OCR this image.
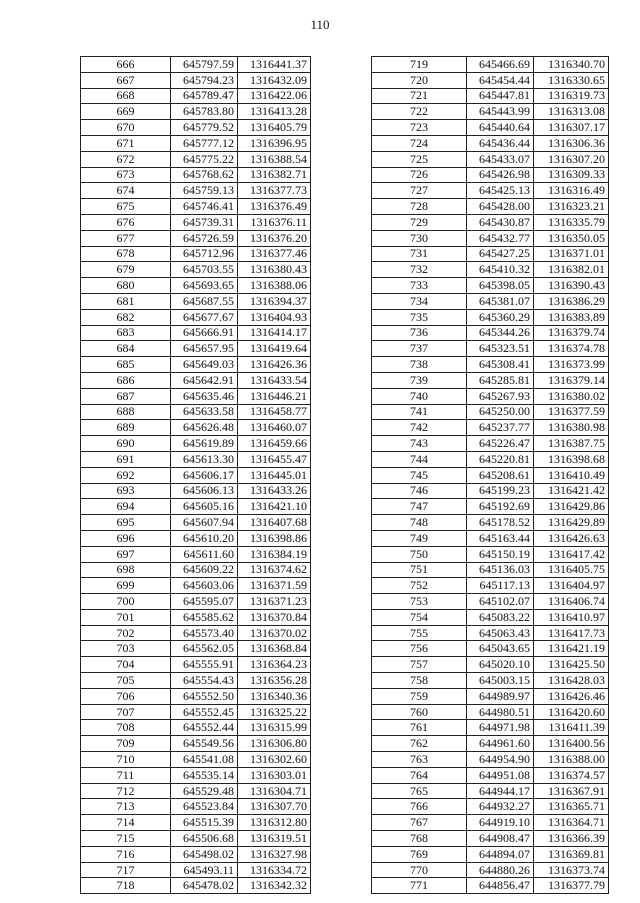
110
666	645797.59	1316441.37
667	645794.23	1316432.09
668	645789.47	1316422.06
669	645783.80	1316413.28
670	645779.52	1316405.79
671	645777.12	1316396.95
672	645775.22	1316388.54
673	645768.62	1316382.71
674	645759.13	1316377.73
675	645746.41	1316376.49
676	645739.31	1316376.11
677	645726.59	1316376.20
678	645712.96	1316377.46
679	645703.55	1316380.43
680	645693.65	1316388.06
681	645687.55	1316394.37
682	645677.67	1316404.93
683	645666.91	1316414.17
684	645657.95	1316419.64
685	645649.03	1316426.36
686	645642.91	1316433.54
687	645635.46	1316446.21
688	645633.58	1316458.77
689	645626.48	1316460.07
690	645619.89	1316459.66
691	645613.30	1316455.47
692	645606.17	1316445.01
693	645606.13	1316433.26
694	645605.16	1316421.10
695	645607.94	1316407.68
696	645610.20	1316398.86
697	645611.60	1316384.19
698	645609.22	1316374.62
699	645603.06	1316371.59
700	645595.07	1316371.23
701	645585.62	1316370.84
702	645573.40	1316370.02
703	645562.05	1316368.84
704	645555.91	1316364.23
705	645554.43	1316356.28
706	645552.50	1316340.36
707	645552.45	1316325.22
708	645552.44	1316315.99
709	645549.56	1316306.80
710	645541.08	1316302.60
711	645535.14	1316303.01
712	645529.48	1316304.71
713	645523.84	1316307.70
714	645515.39	1316312.80
715	645506.68	1316319.51
716	645498.02	1316327.98
717	645493.11	1316334.72
718	645478.02	1316342.32
719	645466.69	1316340.70
720	645454.44	1316330.65
721	645447.81	1316319.73
722	645443.99	1316313.08
723	645440.64	1316307.17
724	645436.44	1316306.36
725	645433.07	1316307.20
726	645426.98	1316309.33
727	645425.13	1316316.49
728	645428.00	1316323.21
729	645430.87	1316335.79
730	645432.77	1316350.05
731	645427.25	1316371.01
732	645410.32	1316382.01
733	645398.05	1316390.43
734	645381.07	1316386.29
735	645360.29	1316383.89
736	645344.26	1316379.74
737	645323.51	1316374.78
738	645308.41	1316373.99
739	645285.81	1316379.14
740	645267.93	1316380.02
741	645250.00	1316377.59
742	645237.77	1316380.98
743	645226.47	1316387.75
744	645220.81	1316398.68
745	645208.61	1316410.49
746	645199.23	1316421.42
747	645192.69	1316429.86
748	645178.52	1316429.89
749	645163.44	1316426.63
750	645150.19	1316417.42
751	645136.03	1316405.75
752	645117.13	1316404.97
753	645102.07	1316406.74
754	645083.22	1316410.97
755	645063.43	1316417.73
756	645043.65	1316421.19
757	645020.10	1316425.50
758	645003.15	1316428.03
759	644989.97	1316426.46
760	644980.51	1316420.60
761	644971.98	1316411.39
762	644961.60	1316400.56
763	644954.90	1316388.00
764	644951.08	1316374.57
765	644944.17	1316367.91
766	644932.27	1316365.71
767	644919.10	1316364.71
768	644908.47	1316366.39
769	644894.07	1316369.81
770	644880.26	1316373.74
771	644856.47	1316377.79
